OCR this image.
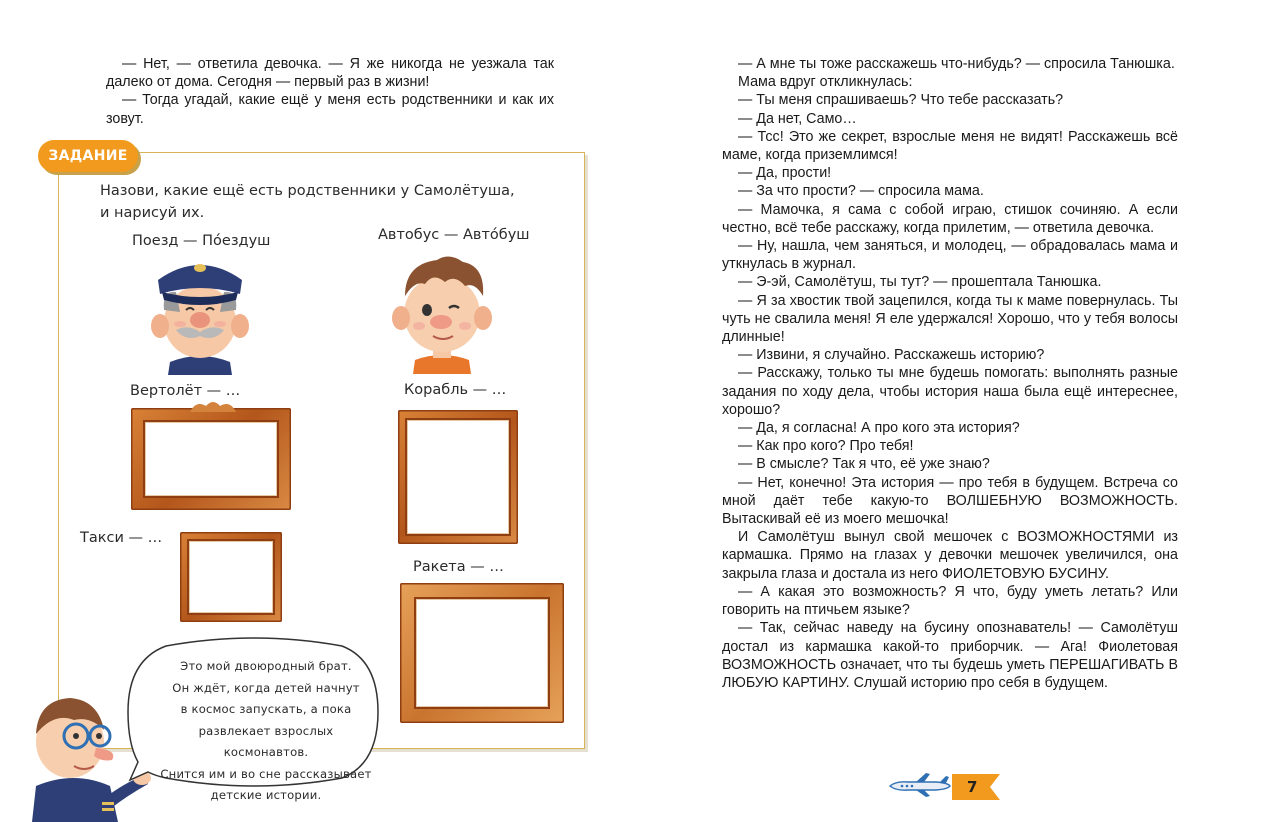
— Нет, — ответила девочка. — Я же никогда не уезжала так далеко от дома. Сегодня — первый раз в жизни!

— Тогда угадай, какие ещё у меня есть родственники и как их зовут.

ЗАДАНИЕ
Назови, какие ещё есть родственники у Самолётуша,
и нарисуй их.
Поезд — По́ездуш	Автобус — Авто́буш
Вертолёт — …	Корабль — …
Такси — …
Ракета — …
Это мой двоюродный брат.
Он ждёт, когда детей начнут
в космос запускать, а пока
развлекает взрослых космонавтов.
Снится им и во сне рассказывает
детские истории.

— А мне ты тоже расскажешь что-нибудь? — спросила Танюшка.

Мама вдруг откликнулась:

— Ты меня спрашиваешь? Что тебе рассказать?

— Да нет, Само…

— Тсс! Это же секрет, взрослые меня не видят! Расскажешь всё маме, когда приземлимся!

— Да, прости!

— За что прости? — спросила мама.

— Мамочка, я сама с собой играю, стишок сочиняю. А если честно, всё тебе расскажу, когда прилетим, — ответила девочка.

— Ну, нашла, чем заняться, и молодец, — обрадовалась мама и уткнулась в журнал.

— Э-эй, Самолётуш, ты тут? — прошептала Танюшка.

— Я за хвостик твой зацепился, когда ты к маме повернулась. Ты чуть не свалила меня! Я еле удержался! Хорошо, что у тебя волосы длинные!

— Извини, я случайно. Расскажешь историю?

— Расскажу, только ты мне будешь помогать: выполнять разные задания по ходу дела, чтобы история наша была ещё интереснее, хорошо?

— Да, я согласна! А про кого эта история?

— Как про кого? Про тебя!

— В смысле? Так я что, её уже знаю?

— Нет, конечно! Эта история — про тебя в будущем. Встреча со мной даёт тебе какую-то ВОЛШЕБНУЮ ВОЗМОЖНОСТЬ. Вытаскивай её из моего мешочка!

И Самолётуш вынул свой мешочек с ВОЗМОЖНОСТЯМИ из кармашка. Прямо на глазах у девочки мешочек увеличился, она закрыла глаза и достала из него ФИОЛЕТОВУЮ БУСИНУ.

— А какая это возможность? Я что, буду уметь летать? Или говорить на птичьем языке?

— Так, сейчас наведу на бусину опознаватель! — Самолётуш достал из кармашка какой-то приборчик. — Ага! Фиолетовая ВОЗМОЖНОСТЬ означает, что ты будешь уметь ПЕРЕШАГИВАТЬ В ЛЮБУЮ КАРТИНУ. Слушай историю про себя в будущем.

7
